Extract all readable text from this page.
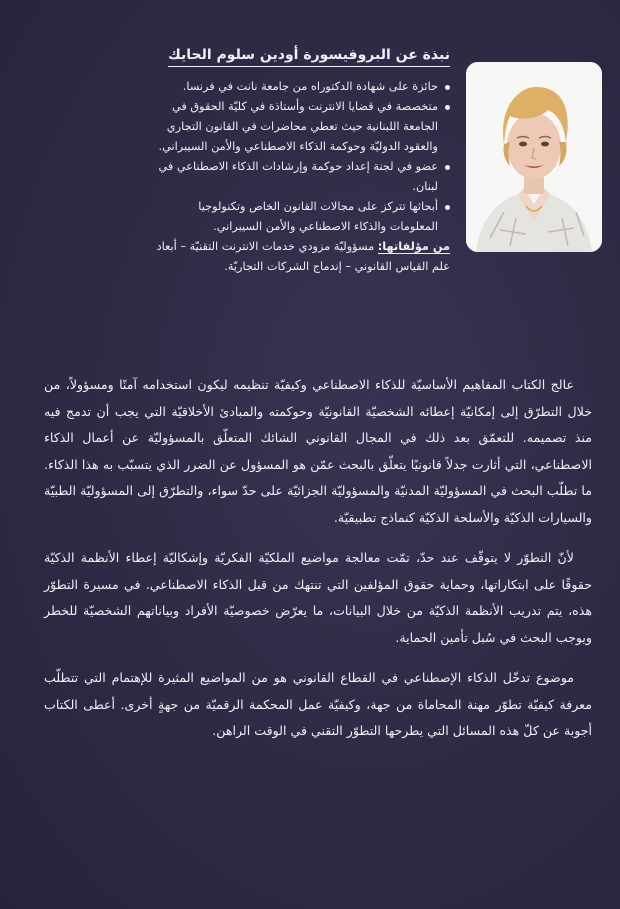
نبذة عن البروفيسورة أودين سلوم الحايك
حائزة على شهادة الدكتوراه من جامعة نانت في فرنسا.
متخصصة في قضايا الانترنت وأستاذة في كليّة الحقوق في الجامعة اللبنانية حيث تعطي محاضرات في القانون التجاري والعقود الدوليّة وحوكمة الذكاء الاصطناعي والأمن السيبراني.
عضو في لجنة إعداد حوكمة وإرشادات الذكاء الاصطناعي في لبنان.
أبحاثها تتركز على مجالات القانون الخاص وتكنولوجيا المعلومات والذكاء الاصطناعي والأمن السيبراني.
من مؤلفاتها: مسؤوليّة مزودي خدمات الانترنت التقنيّة – أبعاد علم القياس القانوني – إندماج الشركات التجاريّة.

عالج الكتاب المفاهيم الأساسيّة للذكاء الاصطناعي وكيفيّة تنظيمه ليكون استخدامه آمنًا ومسؤولاً، من خلال التطرّق إلى إمكانيّة إعطائه الشخصيّة القانونيّة وحوكمته والمبادئ الأخلاقيّة التي يجب أن تدمج فيه منذ تصميمه. للتعمّق بعد ذلك في المجال القانوني الشائك المتعلّق بالمسؤوليّة عن أعمال الذكاء الاصطناعي، التي أثارت جدلاً قانونيًا يتعلّق بالبحث عمّن هو المسؤول عن الضرر الذي يتسبّب به هذا الذكاء. ما تطلّب البحث في المسؤوليّة المدنيّة والمسؤوليّة الجزائيّة على حدّ سواء، والتطرّق إلى المسؤوليّة الطبيّة والسيارات الذكيّة والأسلحة الذكيّة كنماذج تطبيقيّة.

لأنّ التطوّر لا يتوقّف عند حدّ، تمّت معالجة مواضيع الملكيّة الفكريّة وإشكاليّة إعطاء الأنظمة الذكيّة حقوقًا على ابتكاراتها، وحماية حقوق المؤلفين التي تنتهك من قبل الذكاء الاصطناعي. في مسيرة التطوّر هذه، يتم تدريب الأنظمة الذكيّة من خلال البيانات، ما يعرّض خصوصيّة الأفراد وبياناتهم الشخصيّة للخطر ويوجب البحث في سُبل تأمين الحماية.

موضوع تدخّل الذكاء الإصطناعي في القطاع القانوني هو من المواضيع المثيرة للإهتمام التي تتطلّب معرفة كيفيّة تطوّر مهنة المحاماة من جهة، وكيفيّة عمل المحكمة الرقميّة من جهةٍ أخرى. أعطى الكتاب أجوبة عن كلّ هذه المسائل التي يطرحها التطوّر التقني في الوقت الراهن.
